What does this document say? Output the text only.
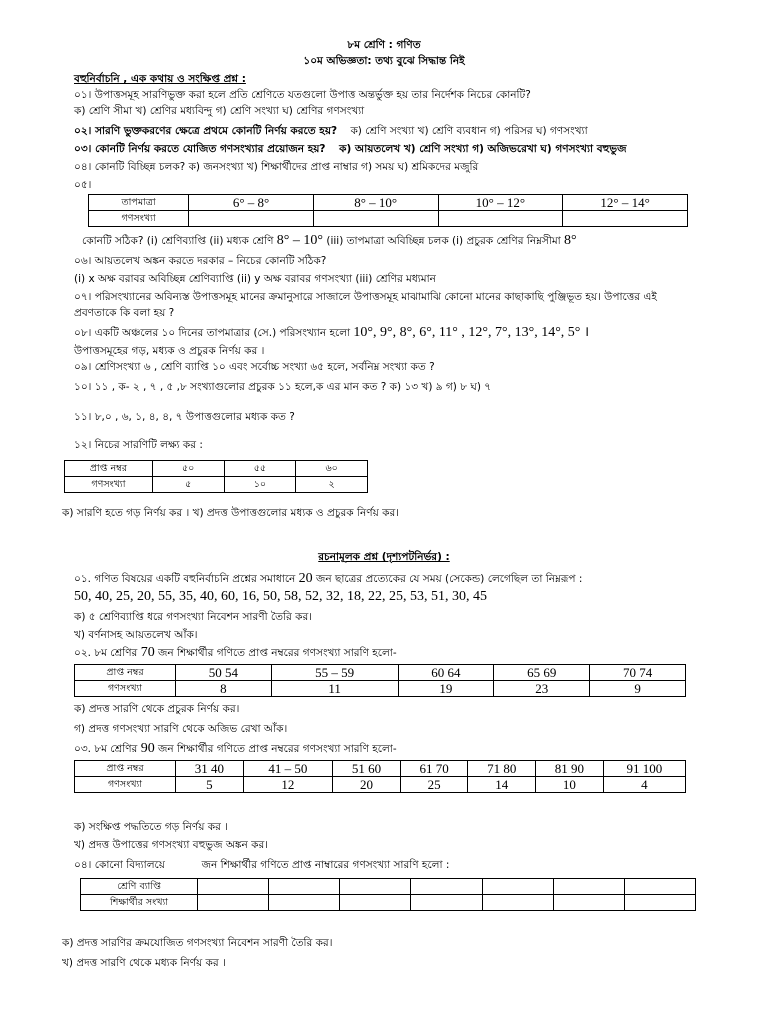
৮ম শ্রেণি : গণিত
১০ম অভিজ্ঞতা: তথ্য বুঝে সিদ্ধান্ত নিই
বহুনির্বাচনি , এক কথায় ও সংক্ষিপ্ত প্রশ্ন :
০১। উপাত্তসমূহ সারণিভুক্ত করা হলে প্রতি শ্রেণিতে যতগুলো উপাত্ত অন্তর্ভুক্ত হয় তার নির্দেশক নিচের কোনটি?
ক) শ্রেণি সীমা খ) শ্রেণির মধ্যবিন্দু গ) শ্রেণি সংখ্যা ঘ) শ্রেণির গণসংখ্যা
০২। সারণি ভুক্তকরণের ক্ষেত্রে প্রথমে কোনটি নির্ণয় করতে হয়? ক) শ্রেণি সংখ্যা খ) শ্রেণি ব্যবধান গ) পরিসর ঘ) গণসংখ্যা
০৩। কোনটি নির্ণয় করতে যোজিত গণসংখ্যার প্রয়োজন হয়? ক) আয়তলেখ খ) শ্রেণি সংখ্যা গ) অজিভরেখা ঘ) গণসংখ্যা বহুভুজ
০৪। কোনটি বিচ্ছিন্ন চলক? ক) জনসংখ্যা খ) শিক্ষার্থীদের প্রাপ্ত নাম্বার গ) সময় ঘ) শ্রমিকদের মজুরি
০৫।
তাপমাত্রা	6° – 8°	8° – 10°	10° – 12°	12° – 14°
গণসংখ্যা				
কোনটি সঠিক? (i) শ্রেণিব্যাপ্তি (ii) মধ্যক শ্রেণি 8° – 10° (iii) তাপমাত্রা অবিচ্ছিন্ন চলক (i) প্রচুরক শ্রেণির নিম্নসীমা 8°
০৬। আয়তলেখ অঙ্কন করতে দরকার – নিচের কোনটি সঠিক?
(i) x অক্ষ বরাবর অবিচ্ছিন্ন শ্রেণিব্যাপ্তি (ii) y অক্ষ বরাবর গণসংখ্যা (iii) শ্রেণির মধ্যমান
০৭। পরিসংখ্যানের অবিন্যস্ত উপাত্তসমূহ মানের ক্রমানুসারে সাজালে উপাত্তসমূহ মাঝামাঝি কোনো মানের কাছাকাছি পুঞ্জিভূত হয়। উপাত্তের এই
প্রবণতাকে কি বলা হয় ?
০৮। একটি অঞ্চলের ১০ দিনের তাপমাত্রার (সে.) পরিসংখ্যান হলো 10°, 9°, 8°, 6°, 11° , 12°, 7°, 13°, 14°, 5° ।
উপাত্তসমূহের গড়, মধ্যক ও প্রচুরক নির্ণয় কর ।
০৯। শ্রেণিসংখ্যা ৬ , শ্রেণি ব্যাপ্তি ১০ এবং সর্বোচ্চ সংখ্যা ৬৫ হলে, সর্বনিম্ন সংখ্যা কত ?
১০। ১১ , ক- ২ , ৭ , ৫ ,৮ সংখ্যাগুলোর প্রচুরক ১১ হলে,ক এর মান কত ? ক) ১৩ খ) ৯ গ) ৮ ঘ) ৭
১১। ৮,০ , ৬, ১, ৪, ৪, ৭ উপাত্তগুলোর মধ্যক কত ?
১২। নিচের সারণিটি লক্ষ্য কর :
প্রাপ্ত নম্বর	৫০	৫৫	৬০
গণসংখ্যা	৫	১০	২
ক) সারণি হতে গড় নির্ণয় কর । খ) প্রদত্ত উপাত্তগুলোর মধ্যক ও প্রচুরক নির্ণয় কর।
রচনামূলক প্রশ্ন (দৃশ্যপটনির্ভর) :
০১. গণিত বিষয়ের একটি বহুনির্বাচনি প্রশ্নের সমাধানে 20 জন ছাত্রের প্রত্যেকের যে সময় (সেকেন্ড) লেগেছিল তা নিম্নরূপ :
50, 40, 25, 20, 55, 35, 40, 60, 16, 50, 58, 52, 32, 18, 22, 25, 53, 51, 30, 45
ক) ৫ শ্রেণিব্যাপ্তি ধরে গণসংখ্যা নিবেশন সারণী তৈরি কর।
খ) বর্ণনাসহ আয়তলেখ আঁক।
০২. ৮ম শ্রেণির 70 জন শিক্ষার্থীর গণিতে প্রাপ্ত নম্বরের গণসংখ্যা সারণি হলো-
প্রাপ্ত নম্বর	50 54	55 – 59	60 64	65 69	70 74
গণসংখ্যা	8	11	19	23	9
ক) প্রদত্ত সারণি থেকে প্রচুরক নির্ণয় কর।
গ) প্রদত্ত গণসংখ্যা সারণি থেকে অজিভ রেখা আঁক।
০৩. ৮ম শ্রেণির 90 জন শিক্ষার্থীর গণিতে প্রাপ্ত নম্বরের গণসংখ্যা সারণি হলো-
প্রাপ্ত নম্বর	31 40	41 – 50	51 60	61 70	71 80	81 90	91 100
গণসংখ্যা	5	12	20	25	14	10	4
ক) সংক্ষিপ্ত পদ্ধতিতে গড় নির্ণয় কর ।
খ) প্রদত্ত উপাত্তের গণসংখ্যা বহুভুজ অঙ্কন কর।
০৪। কোনো বিদ্যালয়ে	জন শিক্ষার্থীর গণিতে প্রাপ্ত নাম্বারের গণসংখ্যা সারণি হলো :
শ্রেণি ব্যাপ্তি							
শিক্ষার্থীর সংখ্যা							
ক) প্রদত্ত সারণির ক্রমযোজিত গণসংখ্যা নিবেশন সারণী তৈরি কর।
খ) প্রদত্ত সারণি থেকে মধ্যক নির্ণয় কর ।
